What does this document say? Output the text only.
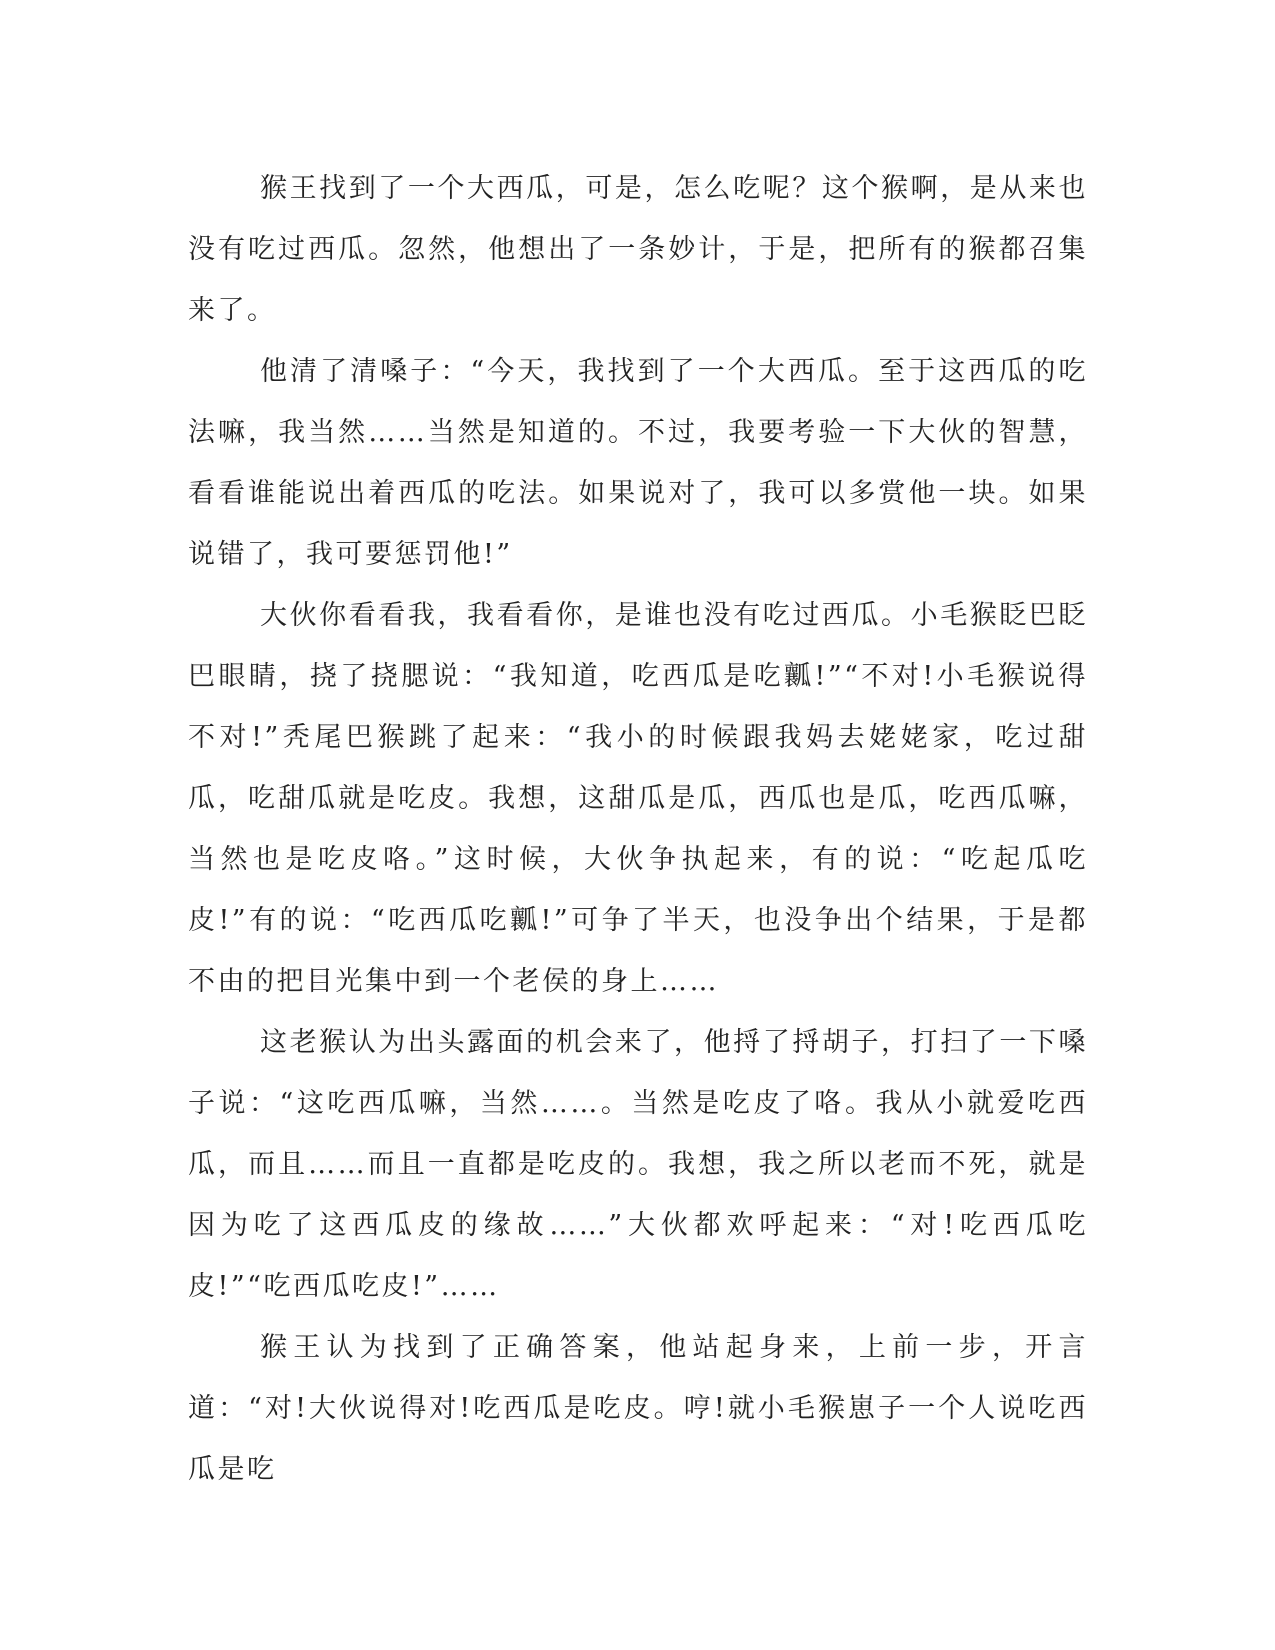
猴王找到了一个大西瓜，可是，怎么吃呢？这个猴啊，是从来也没有吃过西瓜。忽然，他想出了一条妙计，于是，把所有的猴都召集来了。

他清了清嗓子：“今天，我找到了一个大西瓜。至于这西瓜的吃法嘛，我当然……当然是知道的。不过，我要考验一下大伙的智慧，看看谁能说出着西瓜的吃法。如果说对了，我可以多赏他一块。如果说错了，我可要惩罚他!”

大伙你看看我，我看看你，是谁也没有吃过西瓜。小毛猴眨巴眨巴眼睛，挠了挠腮说：“我知道，吃西瓜是吃瓤!”“不对!小毛猴说得不对!”秃尾巴猴跳了起来：“我小的时候跟我妈去姥姥家，吃过甜瓜，吃甜瓜就是吃皮。我想，这甜瓜是瓜，西瓜也是瓜，吃西瓜嘛，当然也是吃皮咯。”这时候，大伙争执起来，有的说：“吃起瓜吃皮!”有的说：“吃西瓜吃瓤!”可争了半天，也没争出个结果，于是都不由的把目光集中到一个老侯的身上……

这老猴认为出头露面的机会来了，他捋了捋胡子，打扫了一下嗓子说：“这吃西瓜嘛，当然……。当然是吃皮了咯。我从小就爱吃西瓜，而且……而且一直都是吃皮的。我想，我之所以老而不死，就是因为吃了这西瓜皮的缘故……”大伙都欢呼起来：“对!吃西瓜吃皮!”“吃西瓜吃皮!”……

猴王认为找到了正确答案，他站起身来，上前一步，开言道：“对!大伙说得对!吃西瓜是吃皮。哼!就小毛猴崽子一个人说吃西瓜是吃
